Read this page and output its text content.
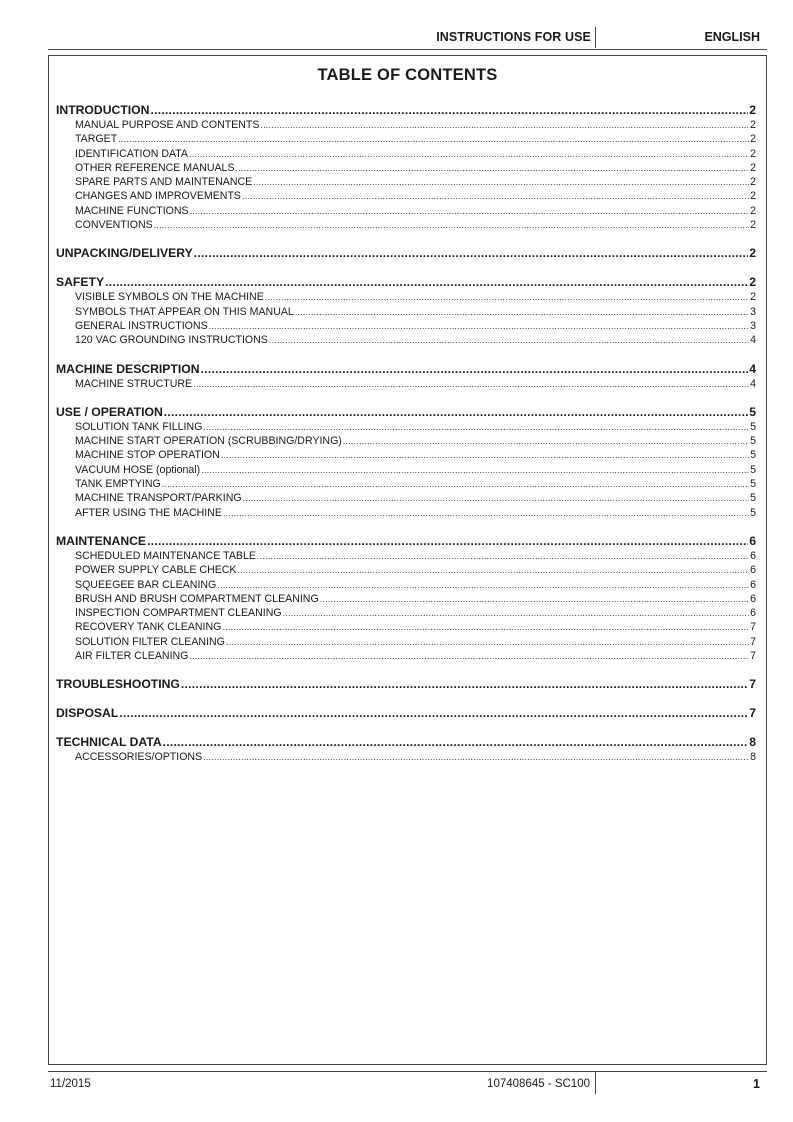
INSTRUCTIONS FOR USE	ENGLISH
TABLE OF CONTENTS
INTRODUCTION .....	2
MANUAL PURPOSE AND CONTENTS .....	2
TARGET .....	2
IDENTIFICATION DATA .....	2
OTHER REFERENCE MANUALS .....	2
SPARE PARTS AND MAINTENANCE .....	2
CHANGES AND IMPROVEMENTS .....	2
MACHINE FUNCTIONS .....	2
CONVENTIONS .....	2
UNPACKING/DELIVERY .....	2
SAFETY .....	2
VISIBLE SYMBOLS ON THE MACHINE .....	2
SYMBOLS THAT APPEAR ON THIS MANUAL .....	3
GENERAL INSTRUCTIONS .....	3
120 VAC GROUNDING INSTRUCTIONS .....	4
MACHINE DESCRIPTION .....	4
MACHINE STRUCTURE .....	4
USE / OPERATION .....	5
SOLUTION TANK FILLING .....	5
MACHINE START OPERATION (SCRUBBING/DRYING) .....	5
MACHINE STOP OPERATION .....	5
VACUUM HOSE (optional) .....	5
TANK EMPTYING .....	5
MACHINE TRANSPORT/PARKING .....	5
AFTER USING THE MACHINE .....	5
MAINTENANCE .....	6
SCHEDULED MAINTENANCE TABLE .....	6
POWER SUPPLY CABLE CHECK .....	6
SQUEEGEE BAR CLEANING .....	6
BRUSH AND BRUSH COMPARTMENT CLEANING .....	6
INSPECTION COMPARTMENT CLEANING .....	6
RECOVERY TANK CLEANING .....	7
SOLUTION FILTER CLEANING .....	7
AIR FILTER CLEANING .....	7
TROUBLESHOOTING .....	7
DISPOSAL .....	7
TECHNICAL DATA .....	8
ACCESSORIES/OPTIONS .....	8
11/2015	107408645 - SC100	1
